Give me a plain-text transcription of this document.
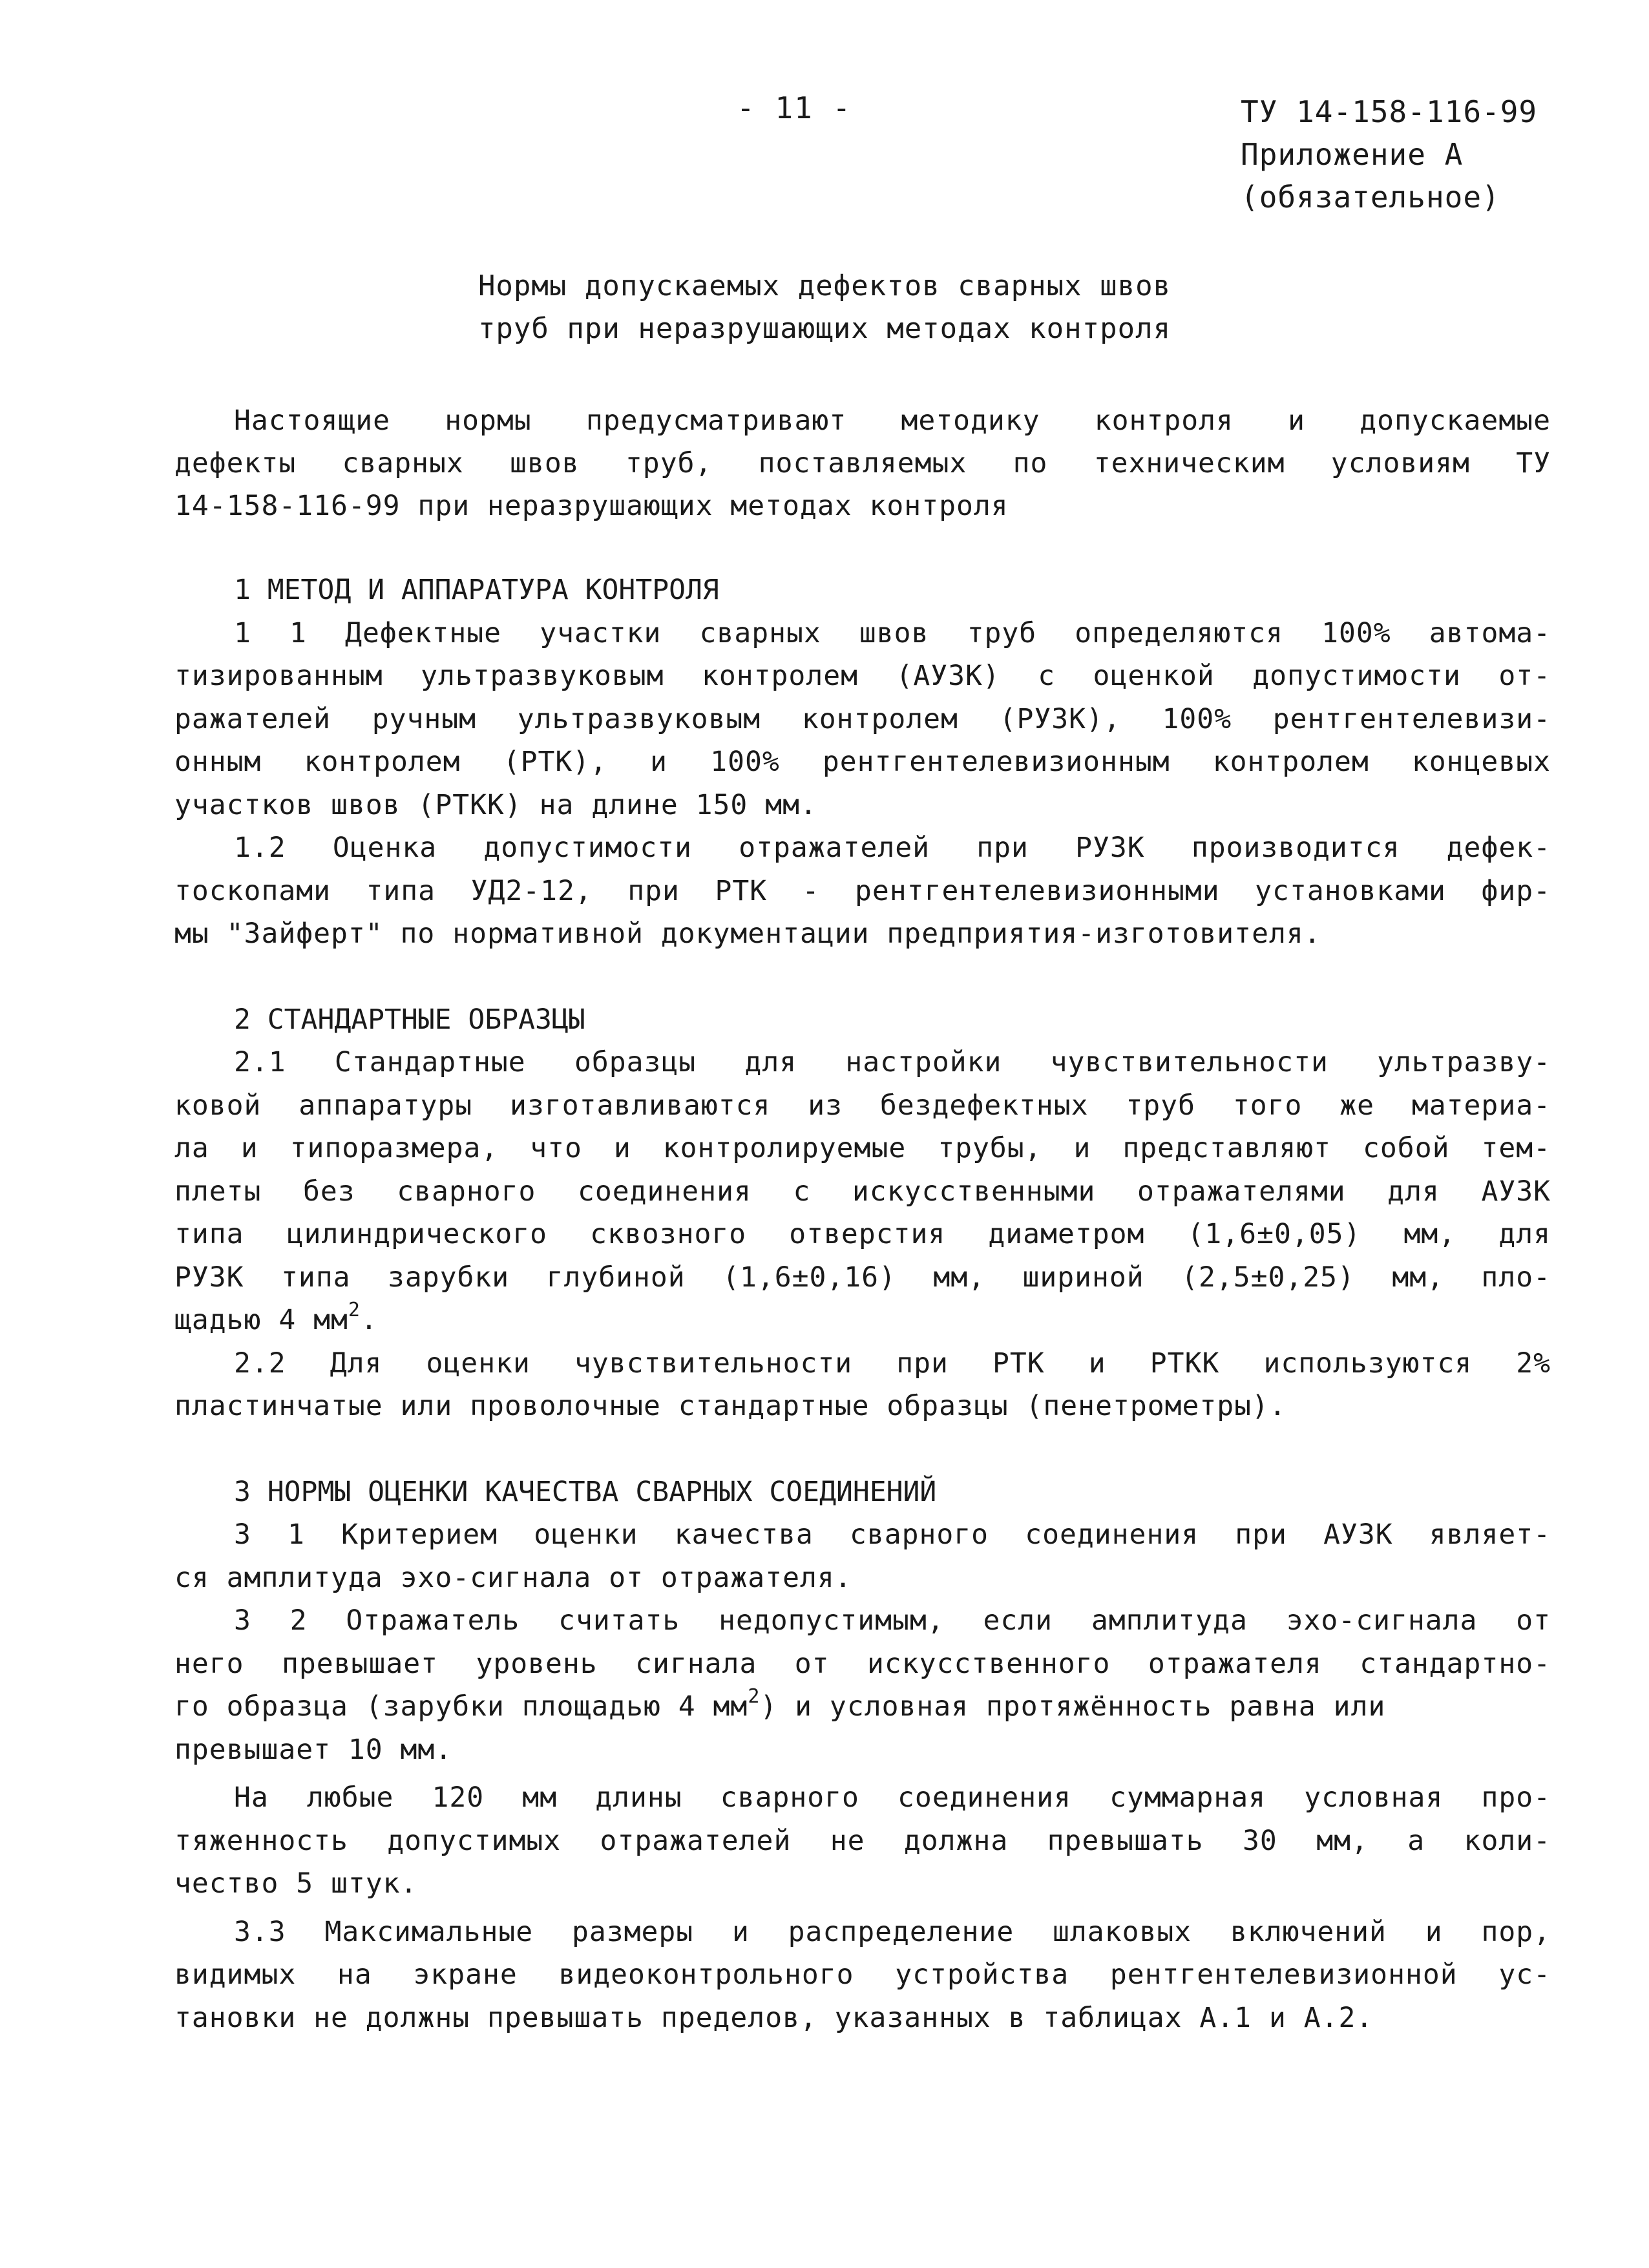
- 11 -	ТУ 14-158-116-99
Приложение А
(обязательное)
Нормы допускаемых дефектов сварных швов
труб при неразрушающих методах контроля
Настоящие нормы предусматривают методику контроля и допускаемые
дефекты сварных швов труб, поставляемых по техническим условиям ТУ
14-158-116-99 при неразрушающих методах контроля
1 МЕТОД И АППАРАТУРА КОНТРОЛЯ
1 1 Дефектные участки сварных швов труб определяются 100% автома-
тизированным ультразвуковым контролем (АУЗК) с оценкой допустимости от-
ражателей ручным ультразвуковым контролем (РУЗК), 100% рентгентелевизи-
онным контролем (РТК), и 100% рентгентелевизионным контролем концевых
участков швов (РТКК) на длине 150 мм.
1.2 Оценка допустимости отражателей при РУЗК производится дефек-
тоскопами типа УД2-12, при РТК - рентгентелевизионными установками фир-
мы "Зайферт" по нормативной документации предприятия-изготовителя.
2 СТАНДАРТНЫЕ ОБРАЗЦЫ
2.1 Стандартные образцы для настройки чувствительности ультразву-
ковой аппаратуры изготавливаются из бездефектных труб того же материа-
ла и типоразмера, что и контролируемые трубы, и представляют собой тем-
плеты без сварного соединения с искусственными отражателями для АУЗК
типа цилиндрического сквозного отверстия диаметром (1,6±0,05) мм, для
РУЗК типа зарубки глубиной (1,6±0,16) мм, шириной (2,5±0,25) мм, пло-
щадью 4 $мм^2$.
2.2 Для оценки чувствительности при РТК и РТКК используются 2%
пластинчатые или проволочные стандартные образцы (пенетрометры).
3 НОРМЫ ОЦЕНКИ КАЧЕСТВА СВАРНЫХ СОЕДИНЕНИЙ
3 1 Критерием оценки качества сварного соединения при АУЗК являет-
ся амплитуда эхо-сигнала от отражателя.
3 2 Отражатель считать недопустимым, если амплитуда эхо-сигнала от
него превышает уровень сигнала от искусственного отражателя стандартно-
го образца (зарубки площадью 4 $мм^2$) и условная протяжённость равна или
превышает 10 мм.
На любые 120 мм длины сварного соединения суммарная условная про-
тяженность допустимых отражателей не должна превышать 30 мм, а коли-
чество 5 штук.
3.3 Максимальные размеры и распределение шлаковых включений и пор,
видимых на экране видеоконтрольного устройства рентгентелевизионной ус-
тановки не должны превышать пределов, указанных в таблицах А.1 и А.2.
